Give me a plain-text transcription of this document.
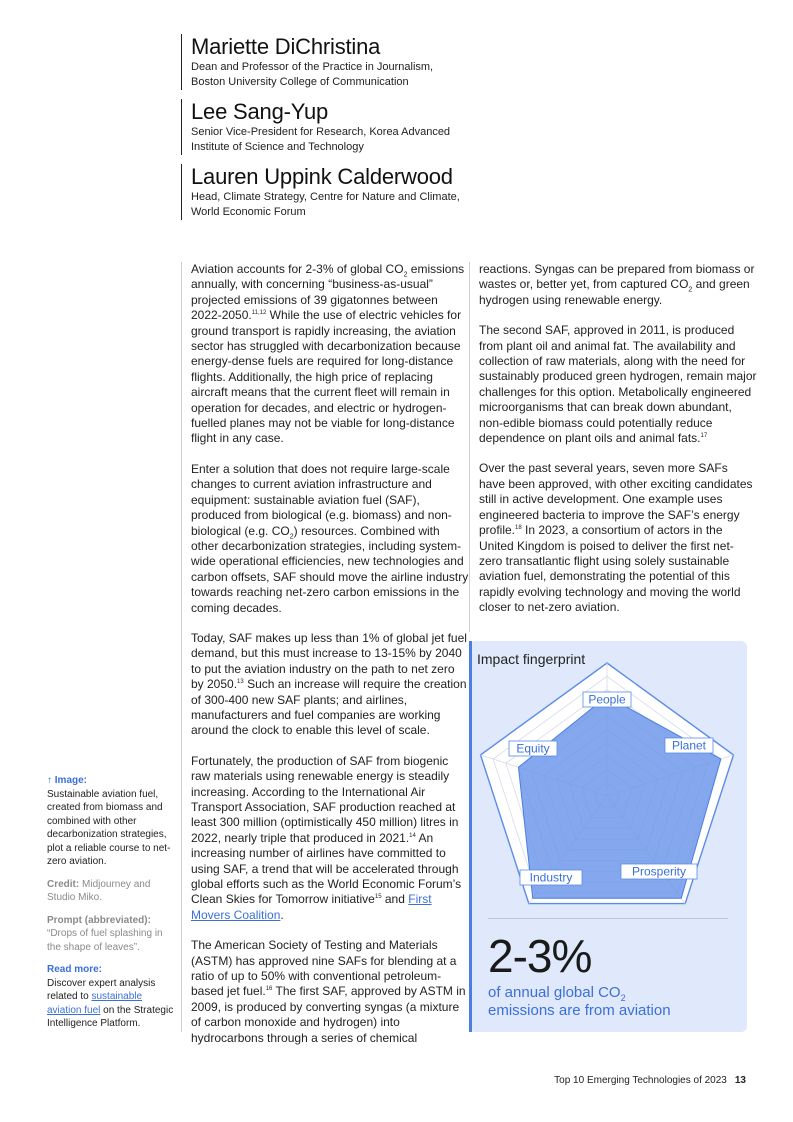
Mariette DiChristina
Dean and Professor of the Practice in Journalism,
Boston University College of Communication
Lee Sang-Yup
Senior Vice-President for Research, Korea Advanced
Institute of Science and Technology
Lauren Uppink Calderwood
Head, Climate Strategy, Centre for Nature and Climate,
World Economic Forum

Aviation accounts for 2-3% of global $CO_2$ emissions annually, with concerning “business-as-usual” projected emissions of 39 gigatonnes between 2022-2050.$^{11,12}$ While the use of electric vehicles for ground transport is rapidly increasing, the aviation sector has struggled with decarbonization because energy-dense fuels are required for long-distance flights. Additionally, the high price of replacing aircraft means that the current fleet will remain in operation for decades, and electric or hydrogen-fuelled planes may not be viable for long-distance flight in any case.

Enter a solution that does not require large-scale changes to current aviation infrastructure and equipment: sustainable aviation fuel (SAF), produced from biological (e.g. biomass) and non-biological (e.g. $CO_2$) resources. Combined with other decarbonization strategies, including system-wide operational efficiencies, new technologies and carbon offsets, SAF should move the airline industry towards reaching net-zero carbon emissions in the coming decades.

Today, SAF makes up less than 1% of global jet fuel demand, but this must increase to 13-15% by 2040 to put the aviation industry on the path to net zero by 2050.13 Such an increase will require the creation of 300-400 new SAF plants; and airlines, manufacturers and fuel companies are working around the clock to enable this level of scale.

Fortunately, the production of SAF from biogenic raw materials using renewable energy is steadily increasing. According to the International Air Transport Association, SAF production reached at least 300 million (optimistically 450 million) litres in 2022, nearly triple that produced in 2021.14 An increasing number of airlines have committed to using SAF, a trend that will be accelerated through global efforts such as the World Economic Forum’s Clean Skies for Tomorrow initiative$^{15}$ and First Movers Coalition.

The American Society of Testing and Materials (ASTM) has approved nine SAFs for blending at a ratio of up to 50% with conventional petroleum-based jet fuel.$^{16}$ The first SAF, approved by ASTM in 2009, is produced by converting syngas (a mixture of carbon monoxide and hydrogen) into hydrocarbons through a series of chemical

reactions. Syngas can be prepared from biomass or wastes or, better yet, from captured $CO_2$ and green hydrogen using renewable energy.

The second SAF, approved in 2011, is produced from plant oil and animal fat. The availability and collection of raw materials, along with the need for sustainably produced green hydrogen, remain major challenges for this option. Metabolically engineered microorganisms that can break down abundant, non-edible biomass could potentially reduce dependence on plant oils and animal fats.$^{17}$

Over the past several years, seven more SAFs have been approved, with other exciting candidates still in active development. One example uses engineered bacteria to improve the SAF’s energy profile.$^{18}$ In 2023, a consortium of actors in the United Kingdom is poised to deliver the first net-zero transatlantic flight using solely sustainable aviation fuel, demonstrating the potential of this rapidly evolving technology and moving the world closer to net-zero aviation.

↑ Image:
Sustainable aviation fuel, created from biomass and combined with other decarbonization strategies, plot a reliable course to net-zero aviation.
Credit: Midjourney and Studio Miko.
Prompt (abbreviated):
“Drops of fuel splashing in the shape of leaves”.
Read more:
Discover expert analysis related to sustainable aviation fuel on the Strategic Intelligence Platform.
Impact fingerprint
People
Planet
Prosperity
Industry
Equity
2-3%
of annual global $CO_2$
emissions are from aviation
Top 10 Emerging Technologies of 2023 13
